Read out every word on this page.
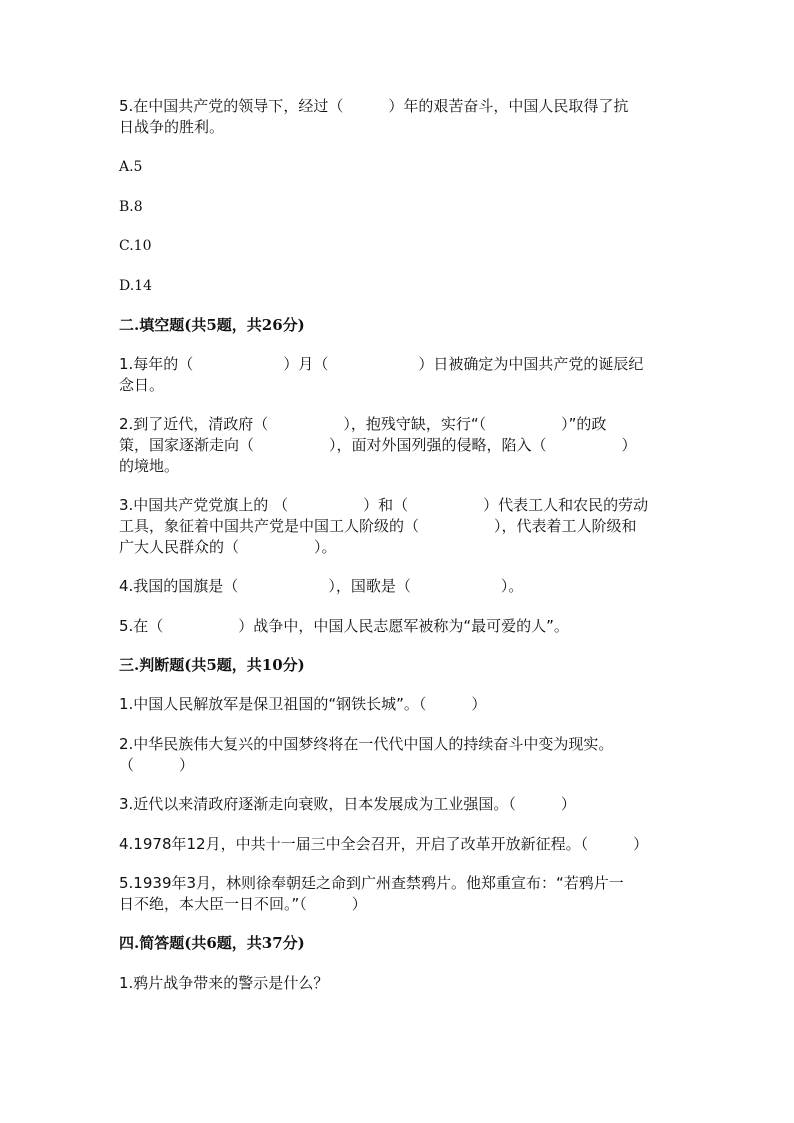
5.在中国共产党的领导下，经过（　　　）年的艰苦奋斗，中国人民取得了抗
日战争的胜利。
A.5
B.8
C.10
D.14
二.填空题(共5题，共26分)
1.每年的（　　　　　　）月（　　　　　　）日被确定为中国共产党的诞辰纪
念日。
2.到了近代，清政府（　　　　　），抱残守缺，实行“（　　　　　）”的政
策，国家逐渐走向（　　　　　），面对外国列强的侵略，陷入（　　　　　）
的境地。
3.中国共产党党旗上的 （　　　　　）和（　　　　　）代表工人和农民的劳动
工具，象征着中国共产党是中国工人阶级的（　　　　　），代表着工人阶级和
广大人民群众的（　　　　　）。
4.我国的国旗是（　　　　　　），国歌是（　　　　　　）。
5.在（　　　　　）战争中，中国人民志愿军被称为“最可爱的人”。
三.判断题(共5题，共10分)
1.中国人民解放军是保卫祖国的“钢铁长城”。（　　　）
2.中华民族伟大复兴的中国梦终将在一代代中国人的持续奋斗中变为现实。
（　　　）
3.近代以来清政府逐渐走向衰败，日本发展成为工业强国。（　　　）
4.1978年12月，中共十一届三中全会召开，开启了改革开放新征程。（　　　）
5.1939年3月，林则徐奉朝廷之命到广州查禁鸦片。他郑重宣布：“若鸦片一
日不绝，本大臣一日不回。”（　　　）
四.简答题(共6题，共37分)
1.鸦片战争带来的警示是什么？
